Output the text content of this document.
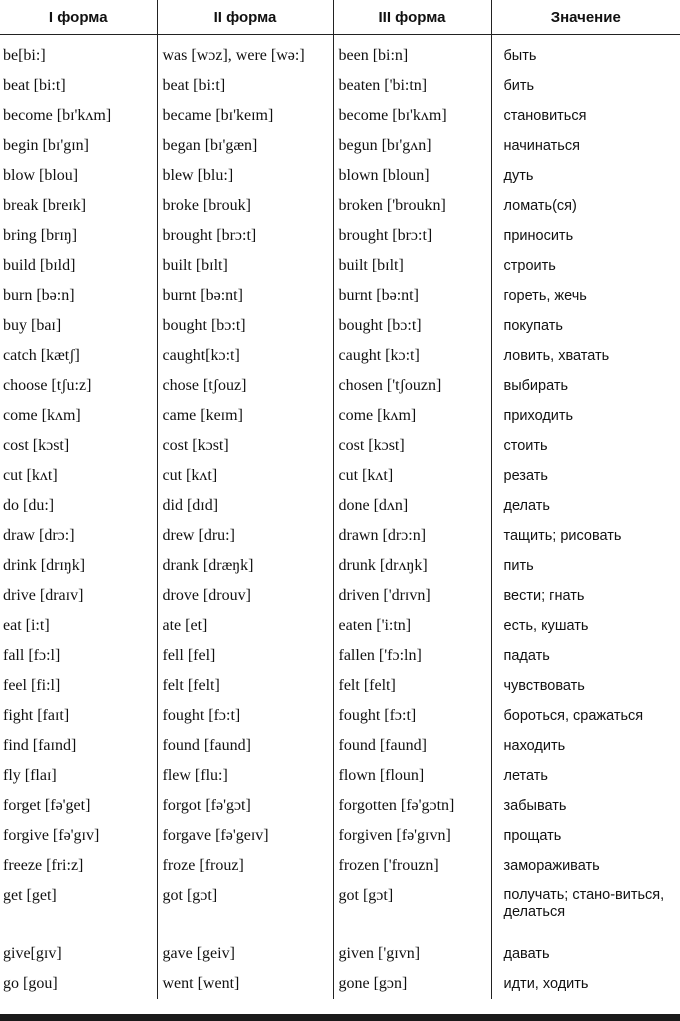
I форма	II форма	III форма	Значение
be[bi:]	was [wɔz], were [wə:]	been [bi:n]	быть
beat [bi:t]	beat [bi:t]	beaten ['bi:tn]	бить
become [bɪ'kʌm]	became [bɪ'keɪm]	become [bɪ'kʌm]	становиться
begin [bɪ'gɪn]	began [bɪ'gæn]	begun [bɪ'gʌn]	начинаться
blow [blou]	blew [blu:]	blown [bloun]	дуть
break [breɪk]	broke [brouk]	broken ['broukn]	ломать(ся)
bring [brɪŋ]	brought [brɔ:t]	brought [brɔ:t]	приносить
build [bɪld]	built [bɪlt]	built [bɪlt]	строить
burn [bə:n]	burnt [bə:nt]	burnt [bə:nt]	гореть, жечь
buy [baɪ]	bought [bɔ:t]	bought [bɔ:t]	покупать
catch [kætʃ]	caught[kɔ:t]	caught [kɔ:t]	ловить, хватать
choose [tʃu:z]	chose [tʃouz]	chosen ['tʃouzn]	выбирать
come [kʌm]	came [keɪm]	come [kʌm]	приходить
cost [kɔst]	cost [kɔst]	cost [kɔst]	стоить
cut [kʌt]	cut [kʌt]	cut [kʌt]	резать
do [du:]	did [dɪd]	done [dʌn]	делать
draw [drɔ:]	drew [dru:]	drawn [drɔ:n]	тащить; рисовать
drink [drɪŋk]	drank [dræŋk]	drunk [drʌŋk]	пить
drive [draɪv]	drove [drouv]	driven ['drɪvn]	вести; гнать
eat [i:t]	ate [et]	eaten ['i:tn]	есть, кушать
fall [fɔ:l]	fell [fel]	fallen ['fɔ:ln]	падать
feel [fi:l]	felt [felt]	felt [felt]	чувствовать
fight [faɪt]	fought [fɔ:t]	fought [fɔ:t]	бороться, сражаться
find [faɪnd]	found [faund]	found [faund]	находить
fly [flaɪ]	flew [flu:]	flown [floun]	летать
forget [fə'get]	forgot [fə'gɔt]	forgotten [fə'gɔtn]	забывать
forgive [fə'gɪv]	forgave [fə'geɪv]	forgiven [fə'gɪvn]	прощать
freeze [fri:z]	froze [frouz]	frozen ['frouzn]	замораживать
get [get]	got [gɔt]	got [gɔt]	получать; стано-виться, делаться
give[gɪv]	gave [geiv]	given ['gɪvn]	давать
go [gou]	went [went]	gone [gɔn]	идти, ходить
